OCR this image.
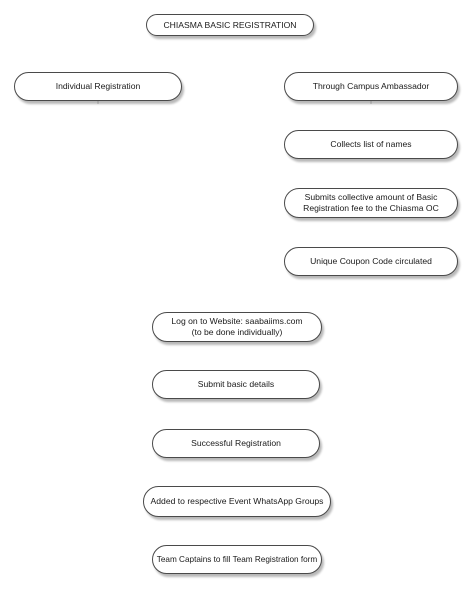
CHIASMA BASIC REGISTRATION
Individual Registration	Through Campus Ambassador
Collects list of names
Submits collective amount of Basic
Registration fee to the Chiasma OC
Unique Coupon Code circulated
Log on to Website: saabaiims.com
(to be done individually)
Submit basic details
Successful Registration
Added to respective Event WhatsApp Groups
Team Captains to fill Team Registration form
